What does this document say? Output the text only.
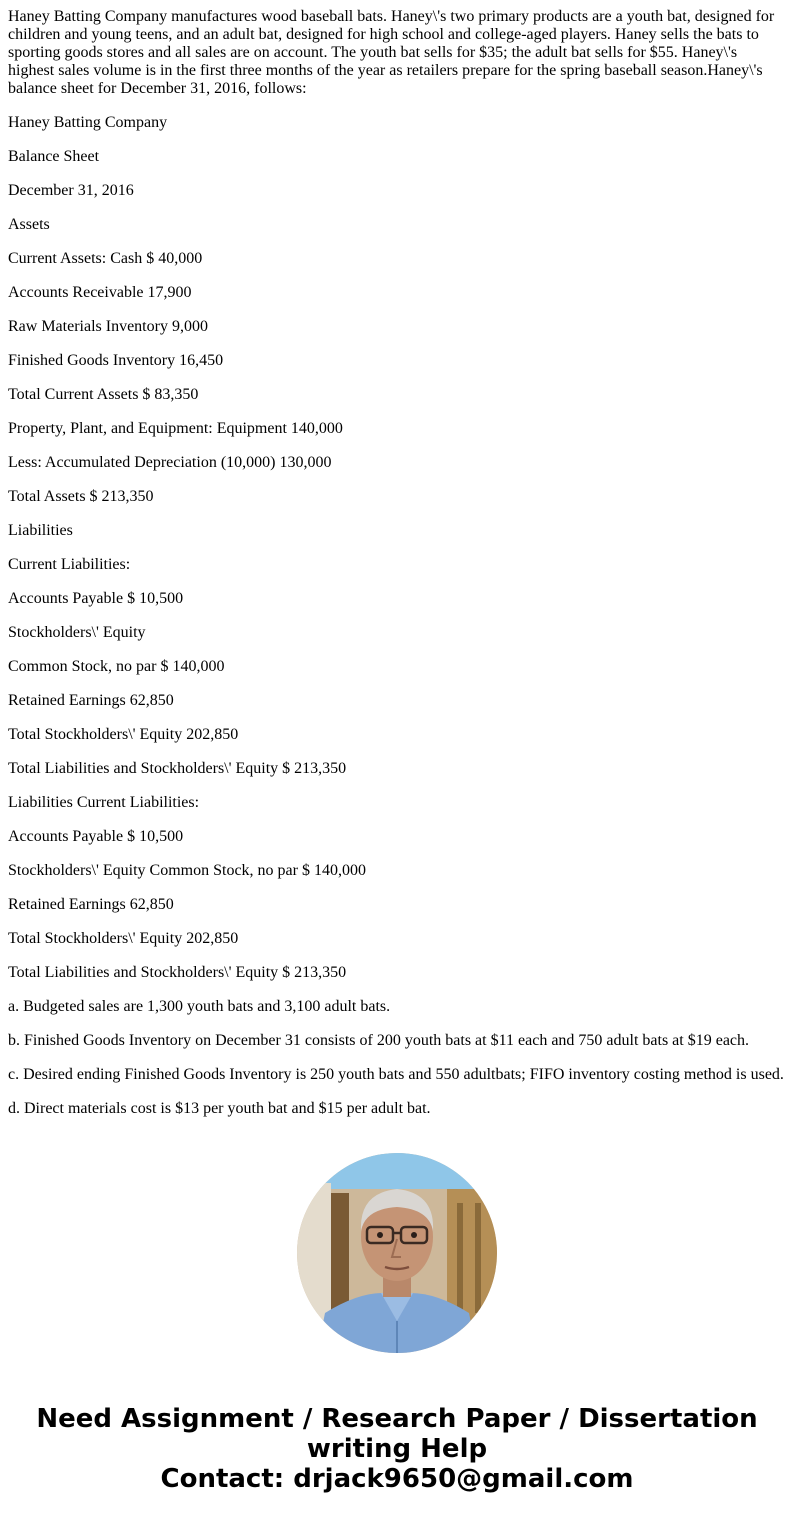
Haney Batting Company manufactures wood baseball bats. Haney\'s two primary products are a youth bat, designed for children and young teens, and an adult bat, designed for high school and college-aged players. Haney sells the bats to sporting goods stores and all sales are on account. The youth bat sells for $35; the adult bat sells for $55. Haney\'s highest sales volume is in the first three months of the year as retailers prepare for the spring baseball season.Haney\'s balance sheet for December 31, 2016, follows:

Haney Batting Company

Balance Sheet

December 31, 2016

Assets

Current Assets: Cash $ 40,000

Accounts Receivable 17,900

Raw Materials Inventory 9,000

Finished Goods Inventory 16,450

Total Current Assets $ 83,350

Property, Plant, and Equipment: Equipment 140,000

Less: Accumulated Depreciation (10,000) 130,000

Total Assets $ 213,350

Liabilities

Current Liabilities:

Accounts Payable $ 10,500

Stockholders\' Equity

Common Stock, no par $ 140,000

Retained Earnings 62,850

Total Stockholders\' Equity 202,850

Total Liabilities and Stockholders\' Equity $ 213,350

Liabilities Current Liabilities:

Accounts Payable $ 10,500

Stockholders\' Equity Common Stock, no par $ 140,000

Retained Earnings 62,850

Total Stockholders\' Equity 202,850

Total Liabilities and Stockholders\' Equity $ 213,350

a. Budgeted sales are 1,300 youth bats and 3,100 adult bats.

b. Finished Goods Inventory on December 31 consists of 200 youth bats at $11 each and 750 adult bats at $19 each.

c. Desired ending Finished Goods Inventory is 250 youth bats and 550 adultbats; FIFO inventory costing method is used.

d. Direct materials cost is $13 per youth bat and $15 per adult bat.

Need Assignment / Research Paper / Dissertation
writing Help
Contact: drjack9650@gmail.com
